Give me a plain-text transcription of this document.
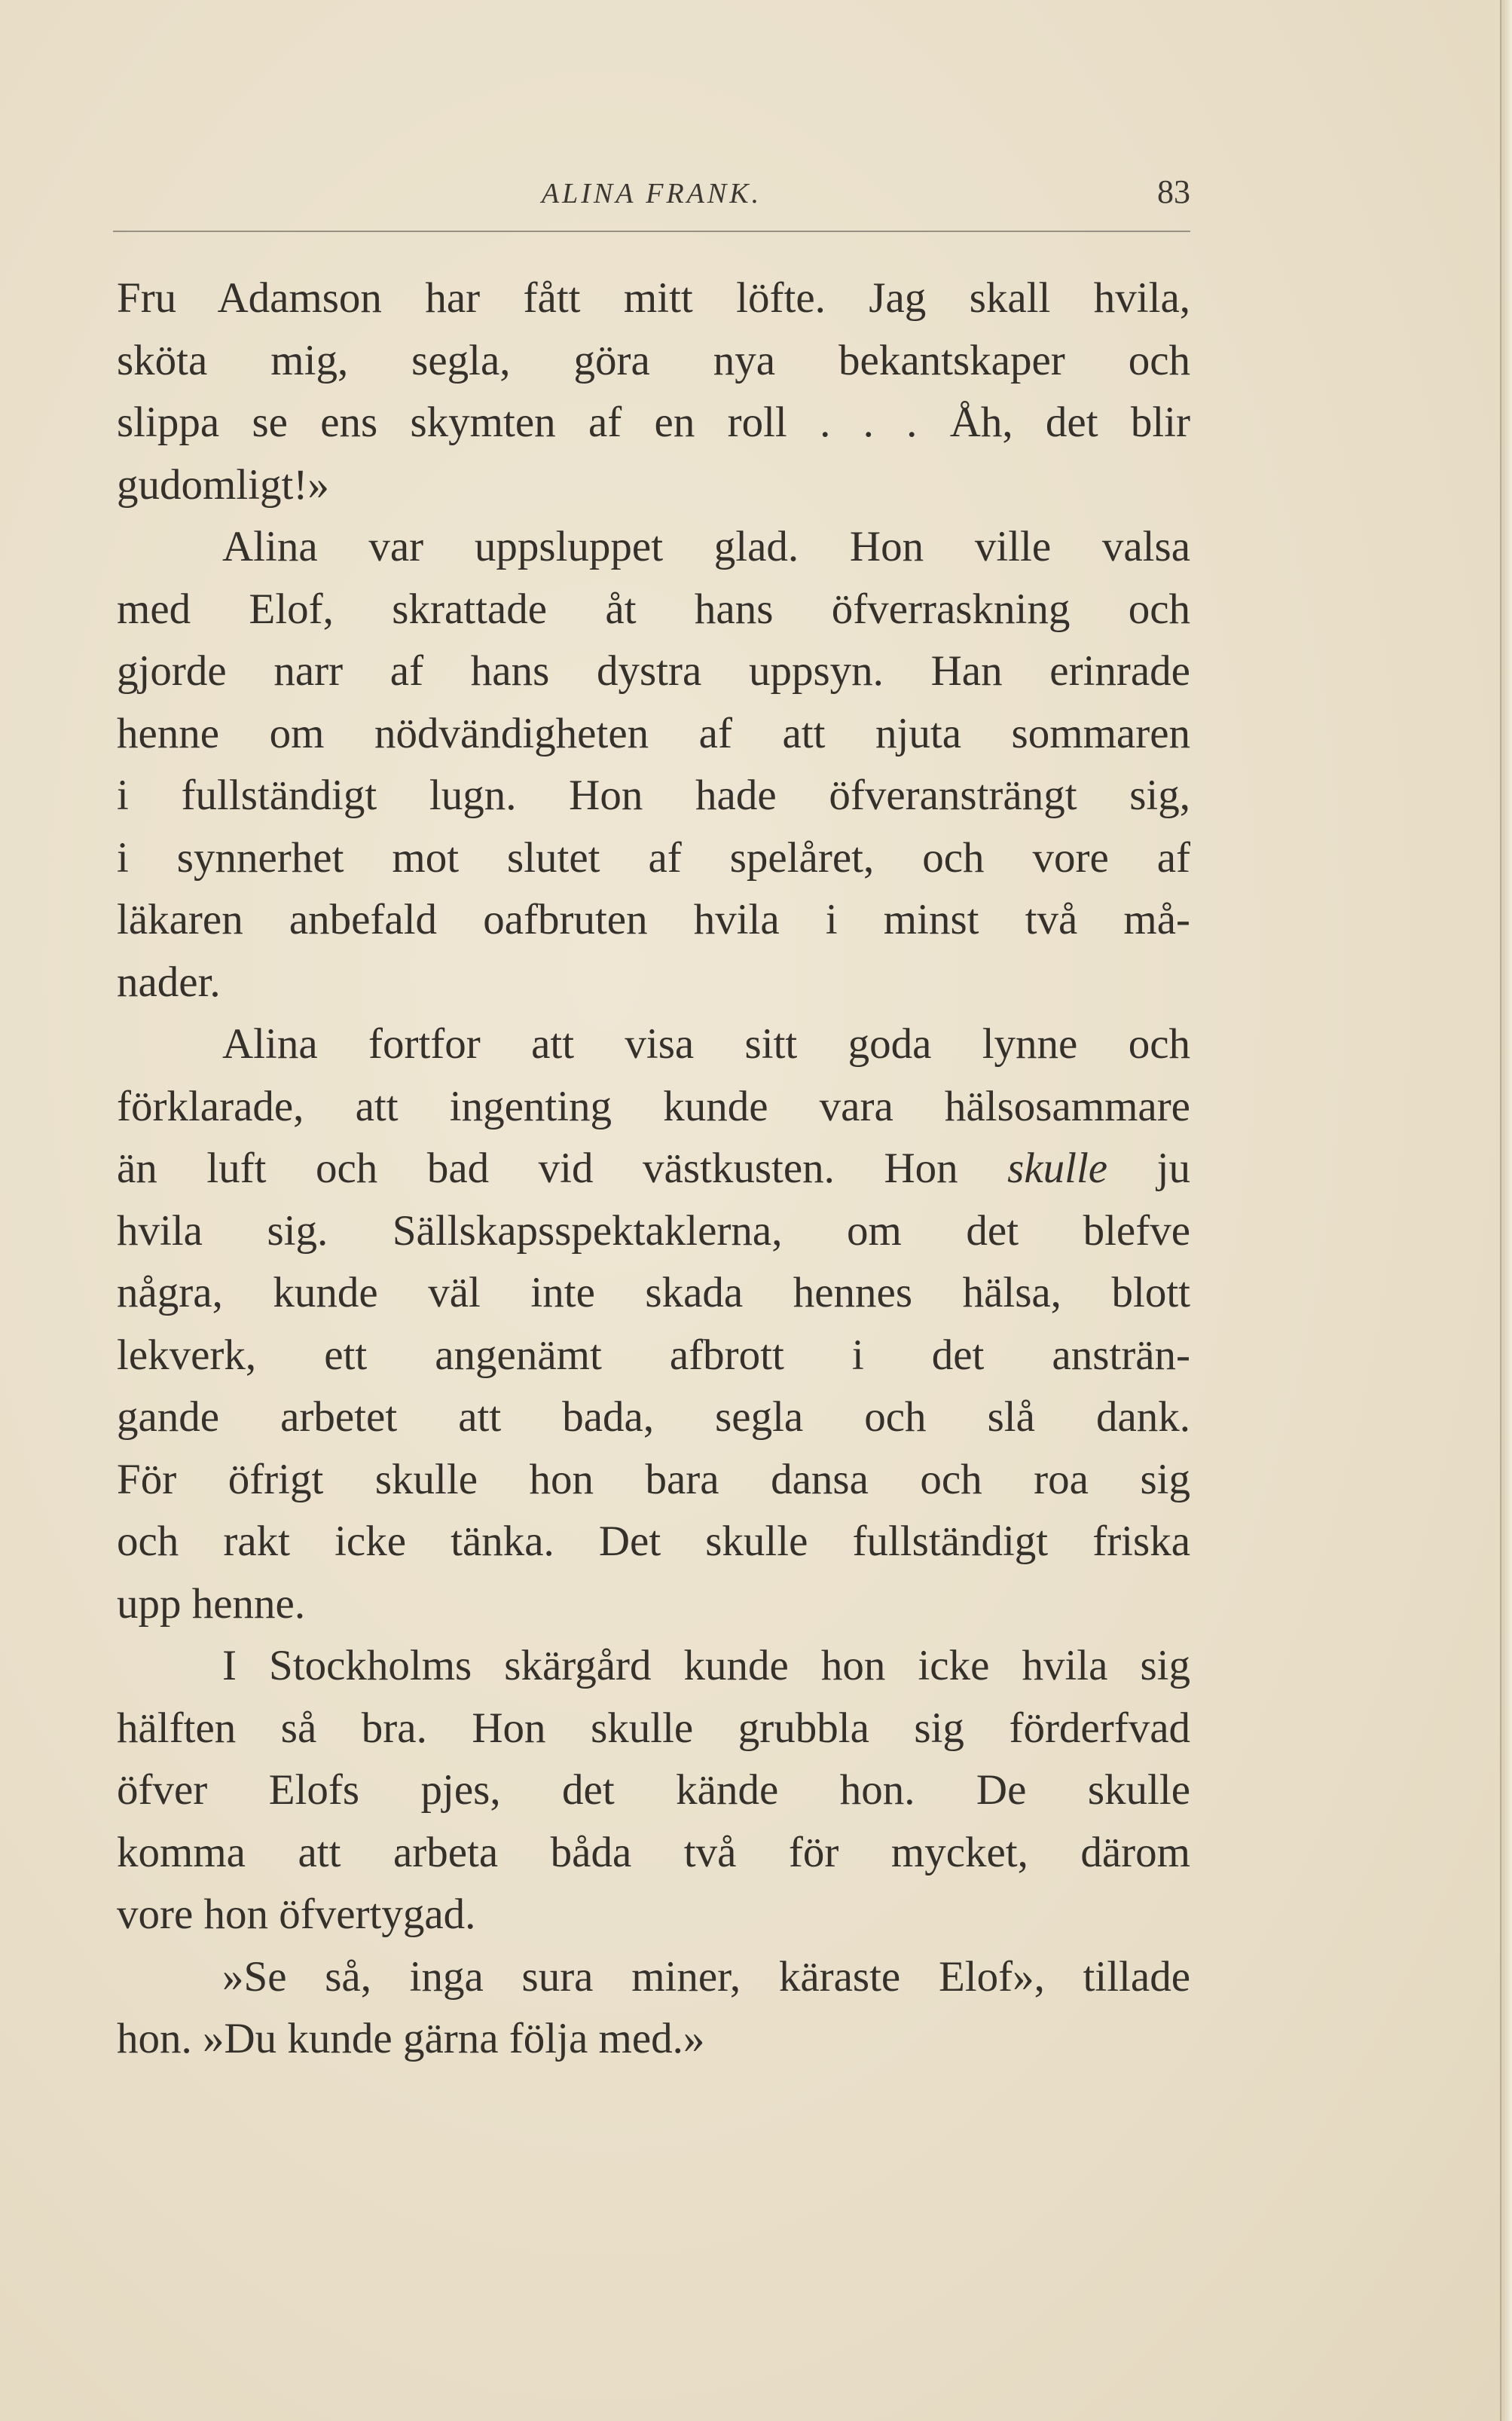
ALINA FRANK.	83
Fru Adamson har fått mitt löfte. Jag skall hvila,
sköta mig, segla, göra nya bekantskaper och
slippa se ens skymten af en roll . . . Åh, det blir
gudomligt!»
Alina var uppsluppet glad. Hon ville valsa
med Elof, skrattade åt hans öfverraskning och
gjorde narr af hans dystra uppsyn. Han erinrade
henne om nödvändigheten af att njuta sommaren
i fullständigt lugn. Hon hade öfveransträngt sig,
i synnerhet mot slutet af spelåret, och vore af
läkaren anbefald oafbruten hvila i minst två må-
nader.
Alina fortfor att visa sitt goda lynne och
förklarade, att ingenting kunde vara hälsosammare
än luft och bad vid västkusten. Hon skulle ju
hvila sig. Sällskapsspektaklerna, om det blefve
några, kunde väl inte skada hennes hälsa, blott
lekverk, ett angenämt afbrott i det ansträn-
gande arbetet att bada, segla och slå dank.
För öfrigt skulle hon bara dansa och roa sig
och rakt icke tänka. Det skulle fullständigt friska
upp henne.
I Stockholms skärgård kunde hon icke hvila sig
hälften så bra. Hon skulle grubbla sig förderfvad
öfver Elofs pjes, det kände hon. De skulle
komma att arbeta båda två för mycket, därom
vore hon öfvertygad.
»Se så, inga sura miner, käraste Elof», tillade
hon. »Du kunde gärna följa med.»
